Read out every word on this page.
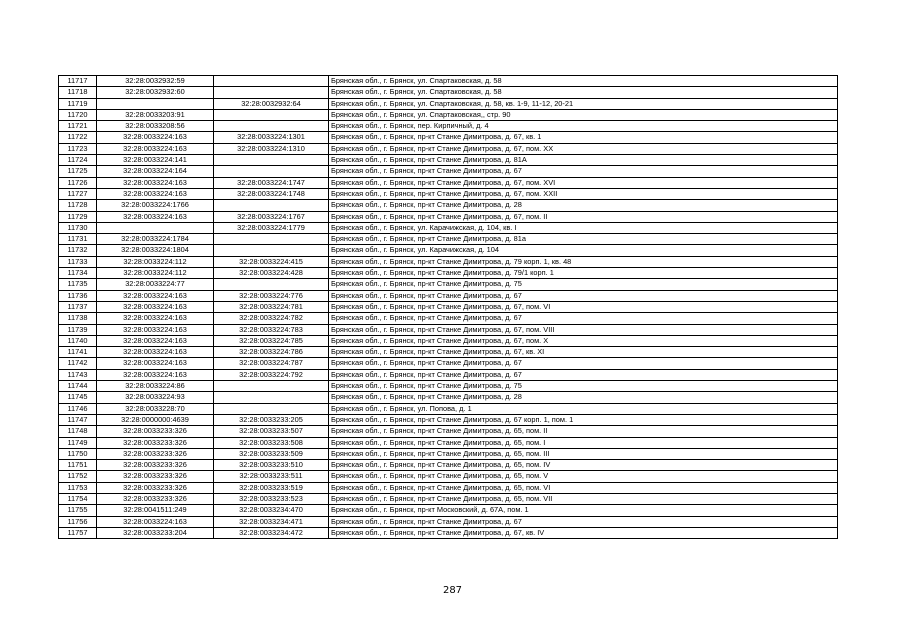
11717	32:28:0032932:59		Брянская обл., г. Брянск, ул. Спартаковская, д. 58
11718	32:28:0032932:60		Брянская обл., г. Брянск, ул. Спартаковская, д. 58
11719		32:28:0032932:64	Брянская обл., г. Брянск, ул. Спартаковская, д. 58, кв. 1-9, 11-12, 20-21
11720	32:28:0033203:91		Брянская обл., г. Брянск, ул. Спартаковская,, стр. 90
11721	32:28:0033208:56		Брянская обл., г. Брянск, пер. Кирпичный, д. 4
11722	32:28:0033224:163	32:28:0033224:1301	Брянская обл., г. Брянск, пр-кт Станке Димитрова, д. 67, кв. 1
11723	32:28:0033224:163	32:28:0033224:1310	Брянская обл., г. Брянск, пр-кт Станке Димитрова, д. 67, пом. XX
11724	32:28:0033224:141		Брянская обл., г. Брянск, пр-кт Станке Димитрова, д. 81А
11725	32:28:0033224:164		Брянская обл., г. Брянск, пр-кт Станке Димитрова, д. 67
11726	32:28:0033224:163	32:28:0033224:1747	Брянская обл., г. Брянск, пр-кт Станке Димитрова, д. 67, пом. XVI
11727	32:28:0033224:163	32:28:0033224:1748	Брянская обл., г. Брянск, пр-кт Станке Димитрова, д. 67, пом. XXII
11728	32:28:0033224:1766		Брянская обл., г. Брянск, пр-кт Станке Димитрова, д. 28
11729	32:28:0033224:163	32:28:0033224:1767	Брянская обл., г. Брянск, пр-кт Станке Димитрова, д. 67, пом. II
11730		32:28:0033224:1779	Брянская обл., г. Брянск, ул. Карачижская, д. 104, кв. I
11731	32:28:0033224:1784		Брянская обл., г. Брянск, пр-кт Станке Димитрова, д. 81а
11732	32:28:0033224:1804		Брянская обл., г. Брянск, ул. Карачижская, д. 104
11733	32:28:0033224:112	32:28:0033224:415	Брянская обл., г. Брянск, пр-кт Станке Димитрова, д. 79 корп. 1, кв. 48
11734	32:28:0033224:112	32:28:0033224:428	Брянская обл., г. Брянск, пр-кт Станке Димитрова, д. 79/1 корп. 1
11735	32:28:0033224:77		Брянская обл., г. Брянск, пр-кт Станке Димитрова, д. 75
11736	32:28:0033224:163	32:28:0033224:776	Брянская обл., г. Брянск, пр-кт Станке Димитрова, д. 67
11737	32:28:0033224:163	32:28:0033224:781	Брянская обл., г. Брянск, пр-кт Станке Димитрова, д. 67, пом. VI
11738	32:28:0033224:163	32:28:0033224:782	Брянская обл., г. Брянск, пр-кт Станке Димитрова, д. 67
11739	32:28:0033224:163	32:28:0033224:783	Брянская обл., г. Брянск, пр-кт Станке Димитрова, д. 67, пом. VIII
11740	32:28:0033224:163	32:28:0033224:785	Брянская обл., г. Брянск, пр-кт Станке Димитрова, д. 67, пом. X
11741	32:28:0033224:163	32:28:0033224:786	Брянская обл., г. Брянск, пр-кт Станке Димитрова, д. 67, кв. XI
11742	32:28:0033224:163	32:28:0033224:787	Брянская обл., г. Брянск, пр-кт Станке Димитрова, д. 67
11743	32:28:0033224:163	32:28:0033224:792	Брянская обл., г. Брянск, пр-кт Станке Димитрова, д. 67
11744	32:28:0033224:86		Брянская обл., г. Брянск, пр-кт Станке Димитрова, д. 75
11745	32:28:0033224:93		Брянская обл., г. Брянск, пр-кт Станке Димитрова, д. 28
11746	32:28:0033228:70		Брянская обл., г. Брянск, ул. Попова, д. 1
11747	32:28:0000000:4639	32:28:0033233:205	Брянская обл., г. Брянск, пр-кт Станке Димитрова, д. 67 корп. 1, пом. 1
11748	32:28:0033233:326	32:28:0033233:507	Брянская обл., г. Брянск, пр-кт Станке Димитрова, д. 65, пом. II
11749	32:28:0033233:326	32:28:0033233:508	Брянская обл., г. Брянск, пр-кт Станке Димитрова, д. 65, пом. I
11750	32:28:0033233:326	32:28:0033233:509	Брянская обл., г. Брянск, пр-кт Станке Димитрова, д. 65, пом. III
11751	32:28:0033233:326	32:28:0033233:510	Брянская обл., г. Брянск, пр-кт Станке Димитрова, д. 65, пом. IV
11752	32:28:0033233:326	32:28:0033233:511	Брянская обл., г. Брянск, пр-кт Станке Димитрова, д. 65, пом. V
11753	32:28:0033233:326	32:28:0033233:519	Брянская обл., г. Брянск, пр-кт Станке Димитрова, д. 65, пом. VI
11754	32:28:0033233:326	32:28:0033233:523	Брянская обл., г. Брянск, пр-кт Станке Димитрова, д. 65, пом. VII
11755	32:28:0041511:249	32:28:0033234:470	Брянская обл., г. Брянск, пр-кт Московский, д. 67А, пом. 1
11756	32:28:0033224:163	32:28:0033234:471	Брянская обл., г. Брянск, пр-кт Станке Димитрова, д. 67
11757	32:28:0033233:204	32:28:0033234:472	Брянская обл., г. Брянск, пр-кт Станке Димитрова, д. 67, кв. IV
287
